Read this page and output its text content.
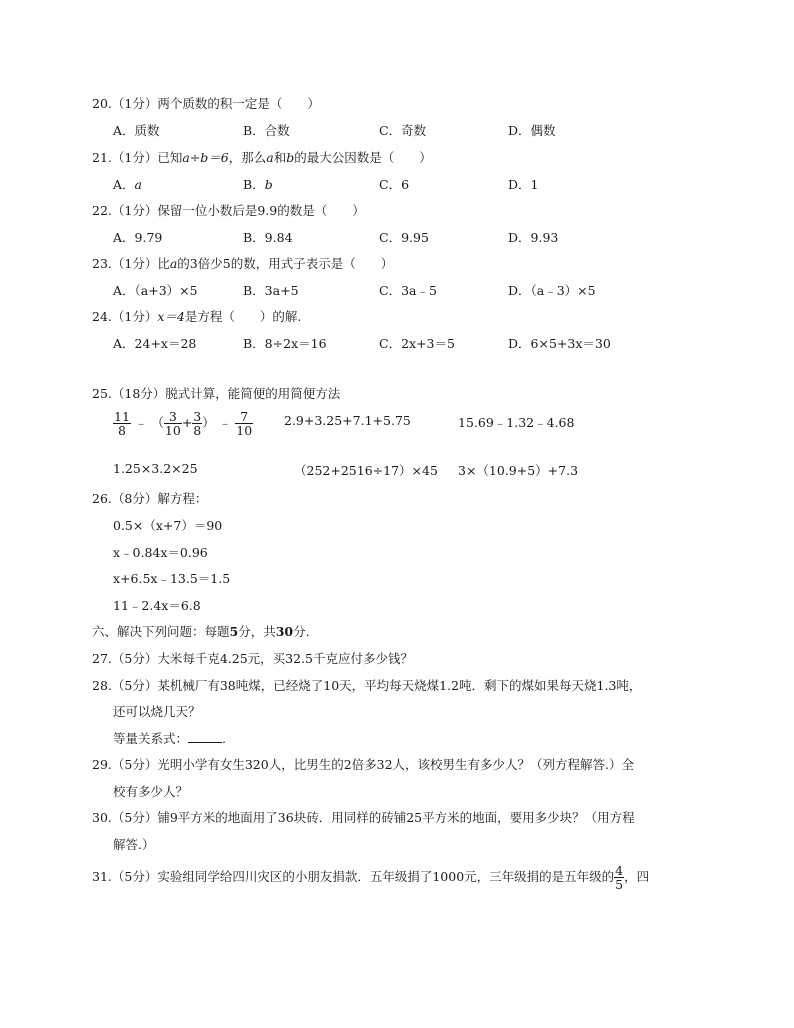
20.（1分）两个质数的积一定是（　　）
A．质数	B．合数	C．奇数	D．偶数
21.（1分）已知a÷b＝6，那么a和b的最大公因数是（　　）
A．a	B．b	C．6	D．1
22.（1分）保留一位小数后是9.9的数是（　　）
A．9.79	B．9.84	C．9.95	D．9.93
23.（1分）比a的3倍少5的数，用式子表示是（　　）
A．（a+3）×5	B．3a+5	C．3a﹣5	D．（a﹣3）×5
24.（1分）x＝4是方程（　　）的解.
A．24+x＝28	B．8÷2x＝16	C．2x+3＝5	D．6×5+3x＝30
25.（18分）脱式计算，能简便的用简便方法
$\frac{11}{8}$ ﹣ （ $\frac{3}{10} + \frac{3}{8}$ ） ﹣ $\frac{7}{10} 2.9+3.25+7.1+5.75$	15.69﹣1.32﹣4.68
1.25×3.2×25	（252+2516÷17）×45 3×（10.9+5）+7.3
26.（8分）解方程：
0.5×（x+7）＝90
x﹣0.84x＝0.96
x+6.5x﹣13.5＝1.5
11﹣2.4x＝6.8
六、解决下列问题：每题5分，共30分.
27.（5分）大米每千克4.25元，买32.5千克应付多少钱？
28.（5分）某机械厂有38吨煤，已经烧了10天，平均每天烧煤1.2吨．剩下的煤如果每天烧1.3吨，
还可以烧几天？
等量关系式：	.
29.（5分）光明小学有女生320人，比男生的2倍多32人，该校男生有多少人？（列方程解答.）全
校有多少人？
30.（5分）铺9平方米的地面用了36块砖．用同样的砖铺25平方米的地面，要用多少块？（用方程
解答.）
31.（5分）实验组同学给四川灾区的小朋友捐款．五年级捐了1000元，三年级捐的是五年级的 $\frac{4}{5}$ ，四
